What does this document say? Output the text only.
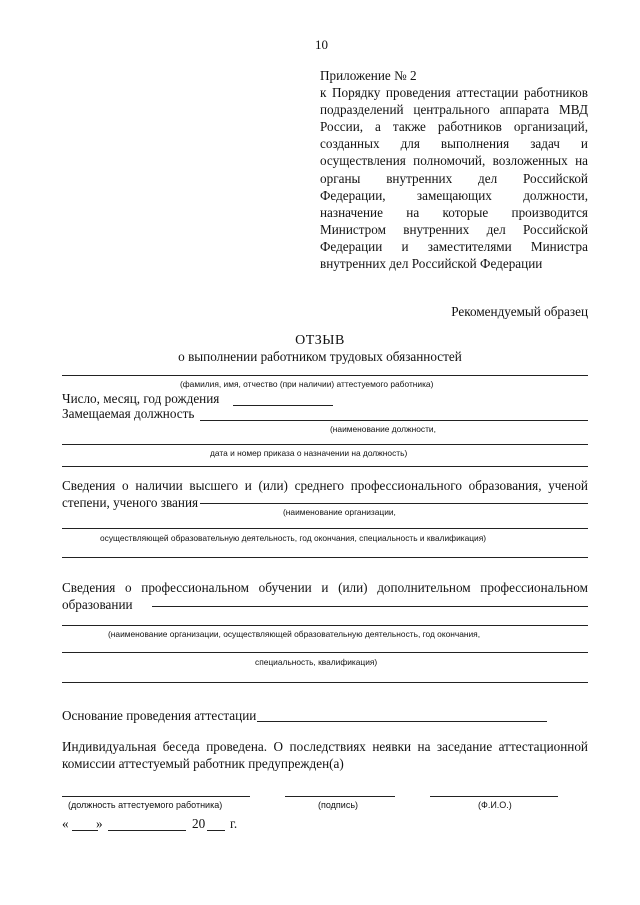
10

Приложение № 2

к Порядку проведения аттестации работников подразделений центрального аппарата МВД России, а также работников организаций, созданных для выполнения задач и осуществления полномочий, возложенных на органы внутренних дел Российской Федерации, замещающих должности, назначение на которые производится Министром внутренних дел Российской Федерации и заместителями Министра внутренних дел Российской Федерации

Рекомендуемый образец
ОТЗЫВ
о выполнении работником трудовых обязанностей
(фамилия, имя, отчество (при наличии) аттестуемого работника)
Число, месяц, год рождения
Замещаемая должность
(наименование должности,
дата и номер приказа о назначении на должность)

Сведения о наличии высшего и (или) среднего профессионального образования, ученой степени, ученого звания

(наименование организации,
осуществляющей образовательную деятельность, год окончания, специальность и квалификация)

Сведения о профессиональном обучении и (или) дополнительном профессиональном образовании

(наименование организации, осуществляющей образовательную деятельность, год окончания,
специальность, квалификация)
Основание проведения аттестации

Индивидуальная беседа проведена. О последствиях неявки на заседание аттестационной комиссии аттестуемый работник предупрежден(а)

(должность аттестуемого работника)	(подпись)	(Ф.И.О.)
« »	20 г.
